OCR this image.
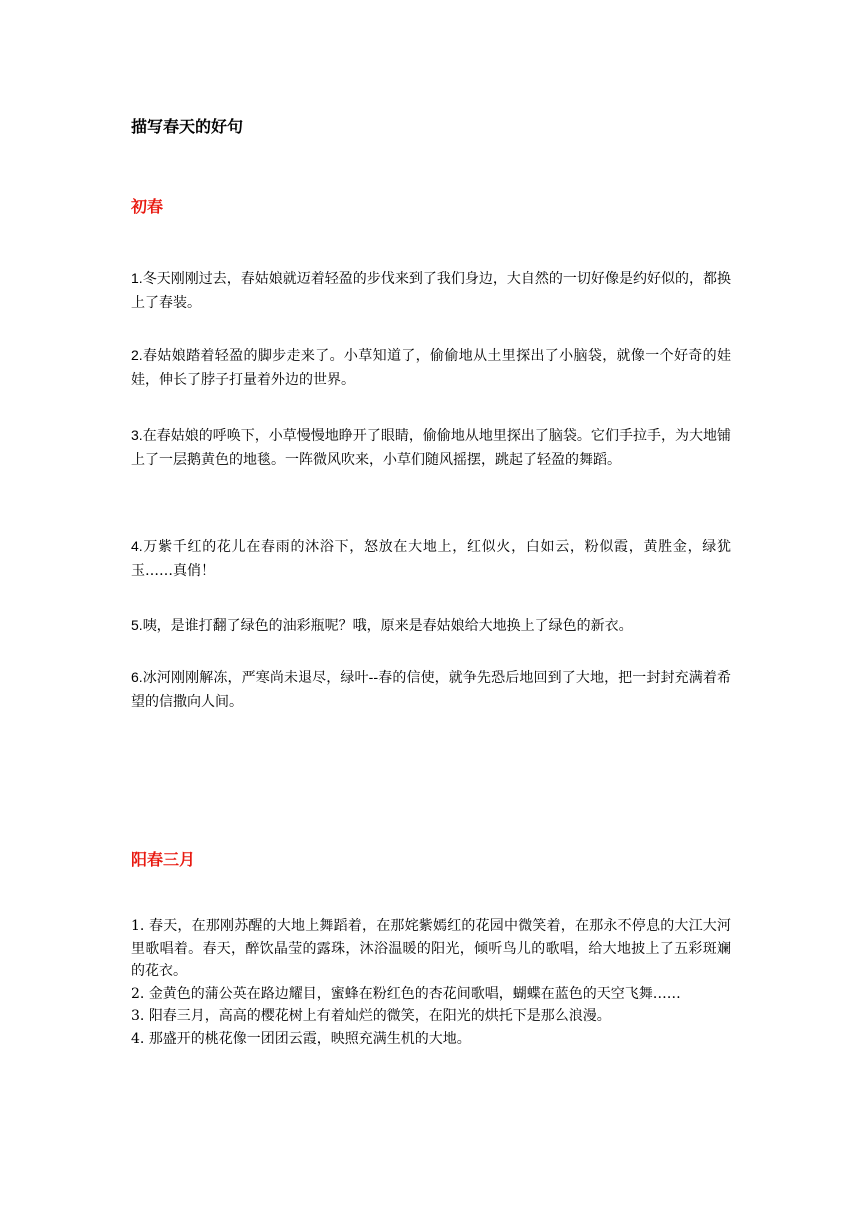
描写春天的好句
初春
1.冬天刚刚过去，春姑娘就迈着轻盈的步伐来到了我们身边，大自然的一切好像是约好似的，都换上了春装。
2.春姑娘踏着轻盈的脚步走来了。小草知道了，偷偷地从土里探出了小脑袋，就像一个好奇的娃娃，伸长了脖子打量着外边的世界。
3.在春姑娘的呼唤下，小草慢慢地睁开了眼睛，偷偷地从地里探出了脑袋。它们手拉手，为大地铺上了一层鹅黄色的地毯。一阵微风吹来，小草们随风摇摆，跳起了轻盈的舞蹈。
4.万紫千红的花儿在春雨的沐浴下，怒放在大地上，红似火，白如云，粉似霞，黄胜金，绿犹玉……真俏！
5.咦，是谁打翻了绿色的油彩瓶呢？哦，原来是春姑娘给大地换上了绿色的新衣。
6.冰河刚刚解冻，严寒尚未退尽，绿叶--春的信使，就争先恐后地回到了大地，把一封封充满着希望的信撒向人间。
阳春三月

1. 春天，在那刚苏醒的大地上舞蹈着，在那姹紫嫣红的花园中微笑着，在那永不停息的大江大河里歌唱着。春天，醉饮晶莹的露珠，沐浴温暖的阳光，倾听鸟儿的歌唱，给大地披上了五彩斑斓的花衣。

2. 金黄色的蒲公英在路边耀目，蜜蜂在粉红色的杏花间歌唱，蝴蝶在蓝色的天空飞舞……

3. 阳春三月，高高的樱花树上有着灿烂的微笑，在阳光的烘托下是那么浪漫。

4. 那盛开的桃花像一团团云霞，映照充满生机的大地。
